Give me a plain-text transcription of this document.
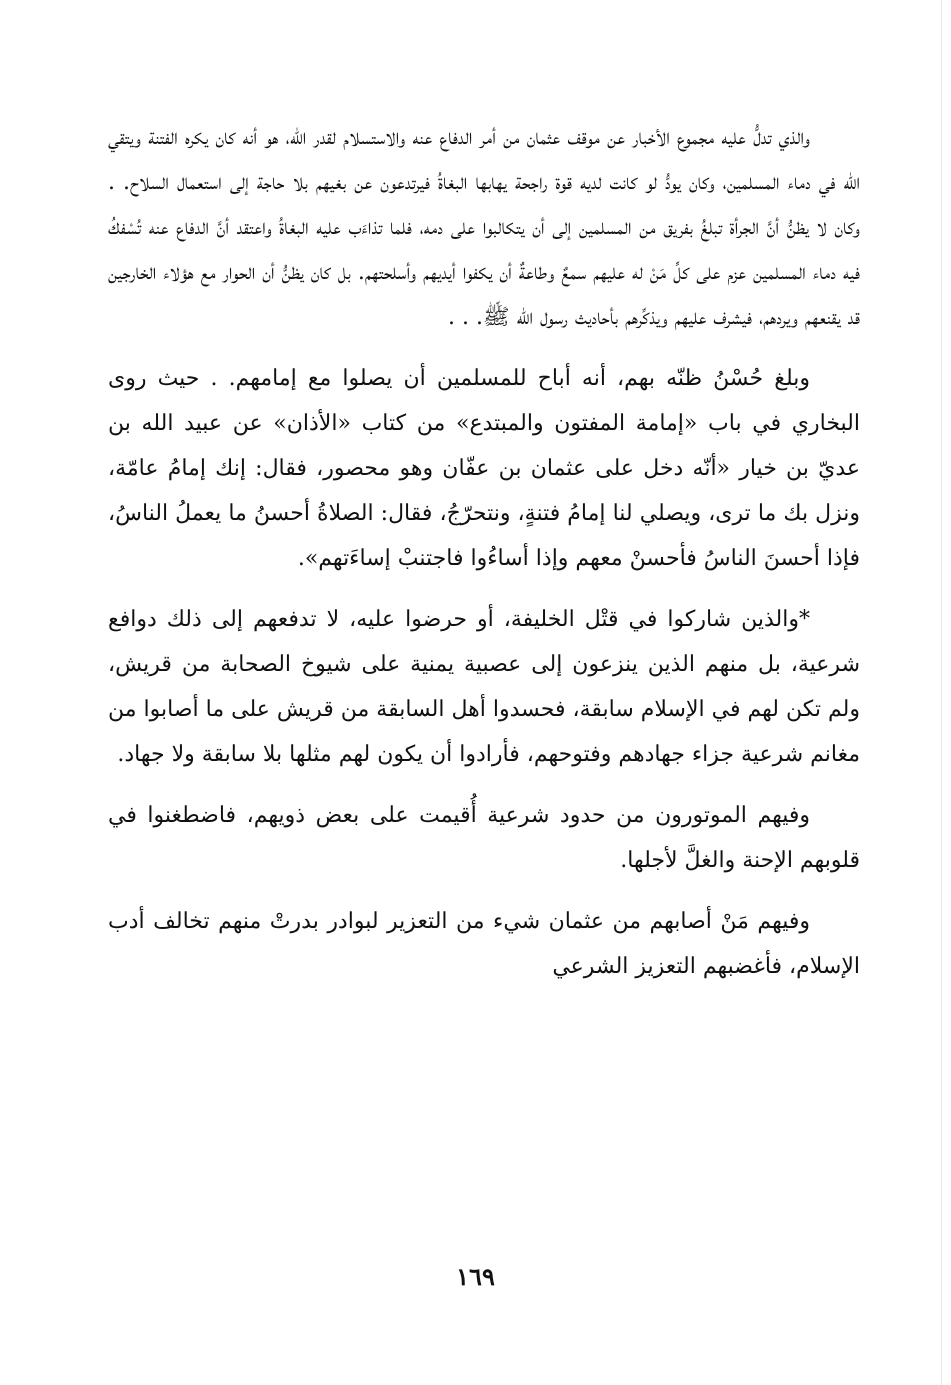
والذي تدلُّ عليه مجموع الأخبار عن موقف عثمان من أمر الدفاع عنه والاستسلام لقدر الله، هو أنه كان يكره الفتنة ويتقي الله في دماء المسلمين، وكان يودُّ لو كانت لديه قوة راجحة يهابها البغاةُ فيرتدعون عن بغيهم بلا حاجة إلى استعمال السلاح. . وكان لا يظنُّ أنَّ الجرأة تبلغُ بفريق من المسلمين إلى أن يتكالبوا على دمه، فلما تذاءَب عليه البغاةُ واعتقد أنَّ الدفاع عنه تُسْفكُ فيه دماء المسلمين عزم على كلِّ مَنْ له عليهم سمعٌ وطاعةٌ أن يكفوا أيديهم وأسلحتهم. بل كان يظنُّ أن الحوار مع هؤلاء الخارجين قد يقنعهم ويردهم، فيشرف عليهم ويذكِّرهم بأحاديث رسول الله ﷺ. . .

وبلغ حُسْنُ ظنّه بهم، أنه أباح للمسلمين أن يصلوا مع إمامهم. . حيث روى البخاري في باب «إمامة المفتون والمبتدع» من كتاب «الأذان» عن عبيد الله بن عديّ بن خيار «أنّه دخل على عثمان بن عفّان وهو محصور، فقال: إنك إمامُ عامّة، ونزل بك ما ترى، ويصلي لنا إمامُ فتنةٍ، ونتحرّجُ، فقال: الصلاةُ أحسنُ ما يعملُ الناسُ، فإذا أحسنَ الناسُ فأحسنْ معهم وإذا أساءُوا فاجتنبْ إساءَتهم».

*والذين شاركوا في قتْل الخليفة، أو حرضوا عليه، لا تدفعهم إلى ذلك دوافع شرعية، بل منهم الذين ينزعون إلى عصبية يمنية على شيوخ الصحابة من قريش، ولم تكن لهم في الإسلام سابقة، فحسدوا أهل السابقة من قريش على ما أصابوا من مغانم شرعية جزاء جهادهم وفتوحهم، فأرادوا أن يكون لهم مثلها بلا سابقة ولا جهاد.

وفيهم الموتورون من حدود شرعية أُقيمت على بعض ذويهم، فاضطغنوا في قلوبهم الإحنة والغلَّ لأجلها.

وفيهم مَنْ أصابهم من عثمان شيء من التعزير لبوادر بدرتْ منهم تخالف أدب الإسلام، فأغضبهم التعزيز الشرعي

١٦٩
